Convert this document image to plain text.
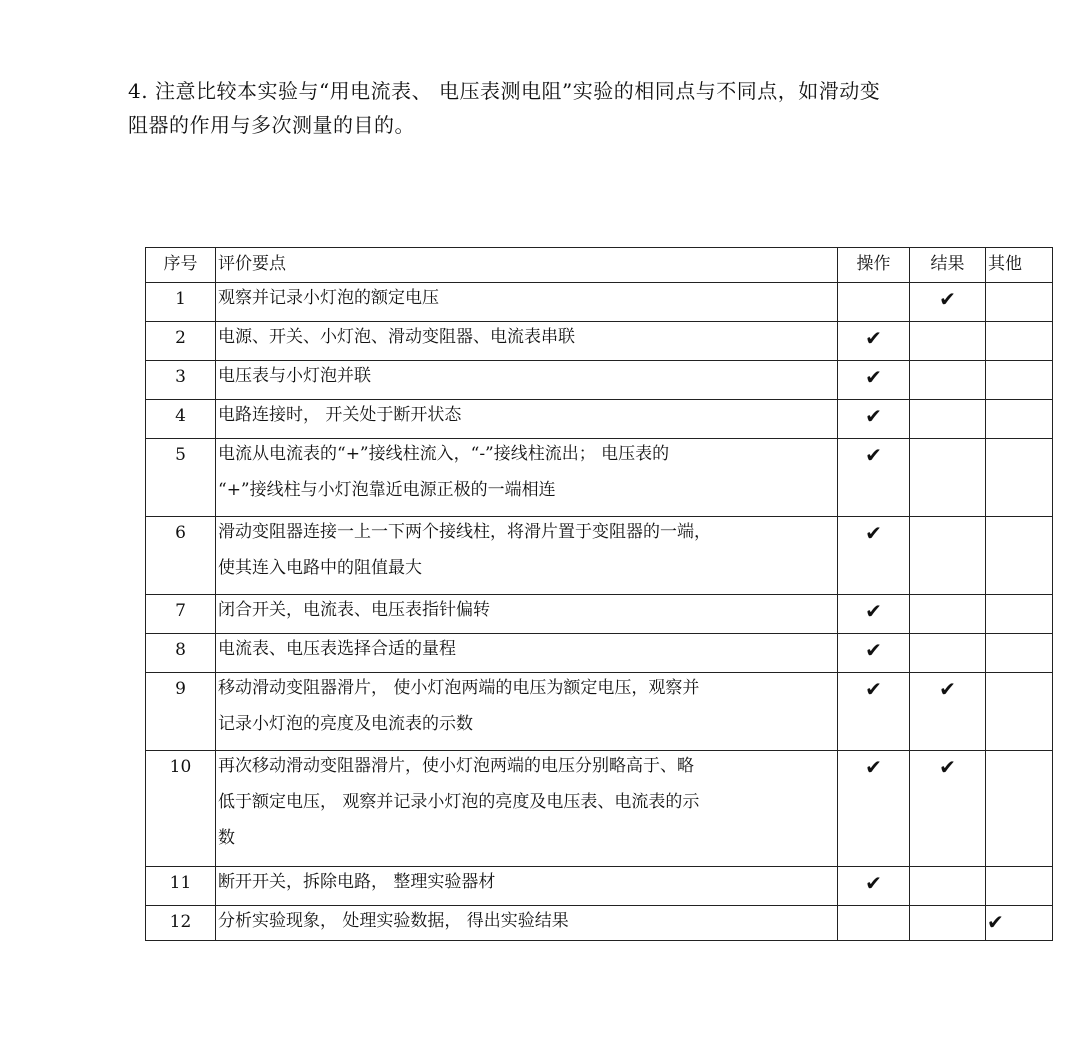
4. 注意比较本实验与“用电流表、 电压表测电阻”实验的相同点与不同点，如滑动变

阻器的作用与多次测量的目的。

序号	评价要点	操作	结果	其他

1	观察并记录小灯泡的额定电压		✔	

2	电源、开关、小灯泡、滑动变阻器、电流表串联	✔		

3	电压表与小灯泡并联	✔		

4	电路连接时， 开关处于断开状态	✔		

5	电流从电流表的“+”接线柱流入，“-”接线柱流出； 电压表的
“+”接线柱与小灯泡靠近电源正极的一端相连	✔		

6	滑动变阻器连接一上一下两个接线柱，将滑片置于变阻器的一端，
使其连入电路中的阻值最大	✔		

7	闭合开关，电流表、电压表指针偏转	✔		

8	电流表、电压表选择合适的量程	✔		

9	移动滑动变阻器滑片， 使小灯泡两端的电压为额定电压，观察并
记录小灯泡的亮度及电流表的示数	✔	✔	

10	再次移动滑动变阻器滑片，使小灯泡两端的电压分别略高于、略
低于额定电压， 观察并记录小灯泡的亮度及电压表、电流表的示
数	✔	✔	

11	断开开关，拆除电路， 整理实验器材	✔		

12	分析实验现象， 处理实验数据， 得出实验结果			✔
